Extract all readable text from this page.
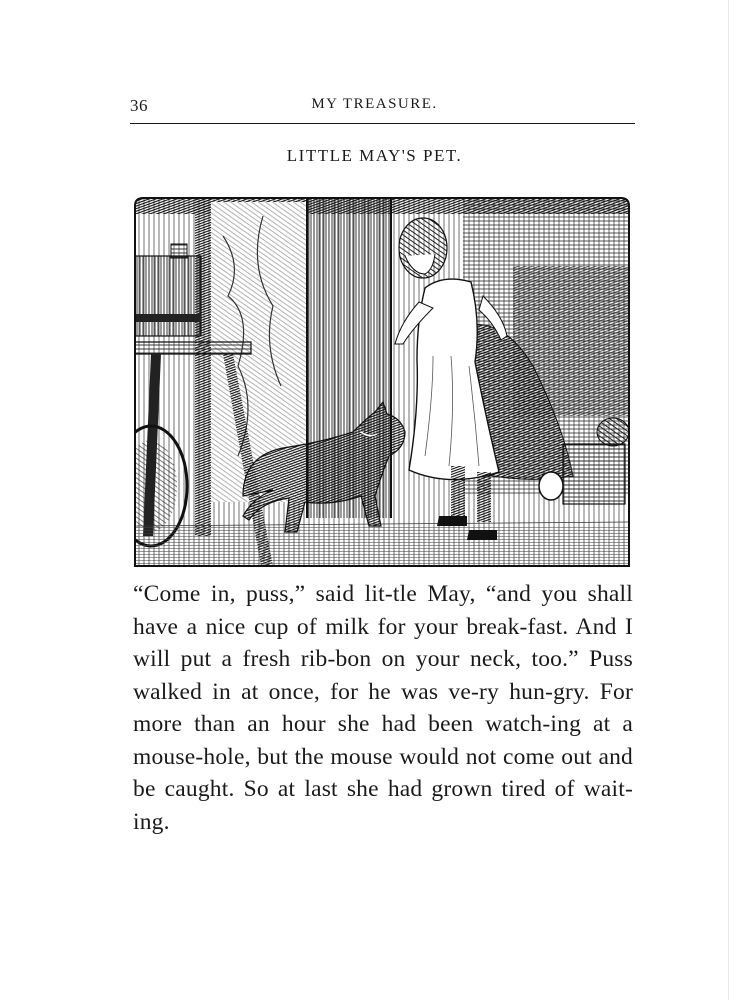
36	MY TREASURE.
LITTLE MAY'S PET.

“Come in, puss,” said lit-tle May, “and you shall have a nice cup of milk for your break-fast. And I will put a fresh rib-bon on your neck, too.” Puss walked in at once, for he was ve-ry hun-gry. For more than an hour she had been watch-ing at a mouse-hole, but the mouse would not come out and be caught. So at last she had grown tired of wait-ing.
